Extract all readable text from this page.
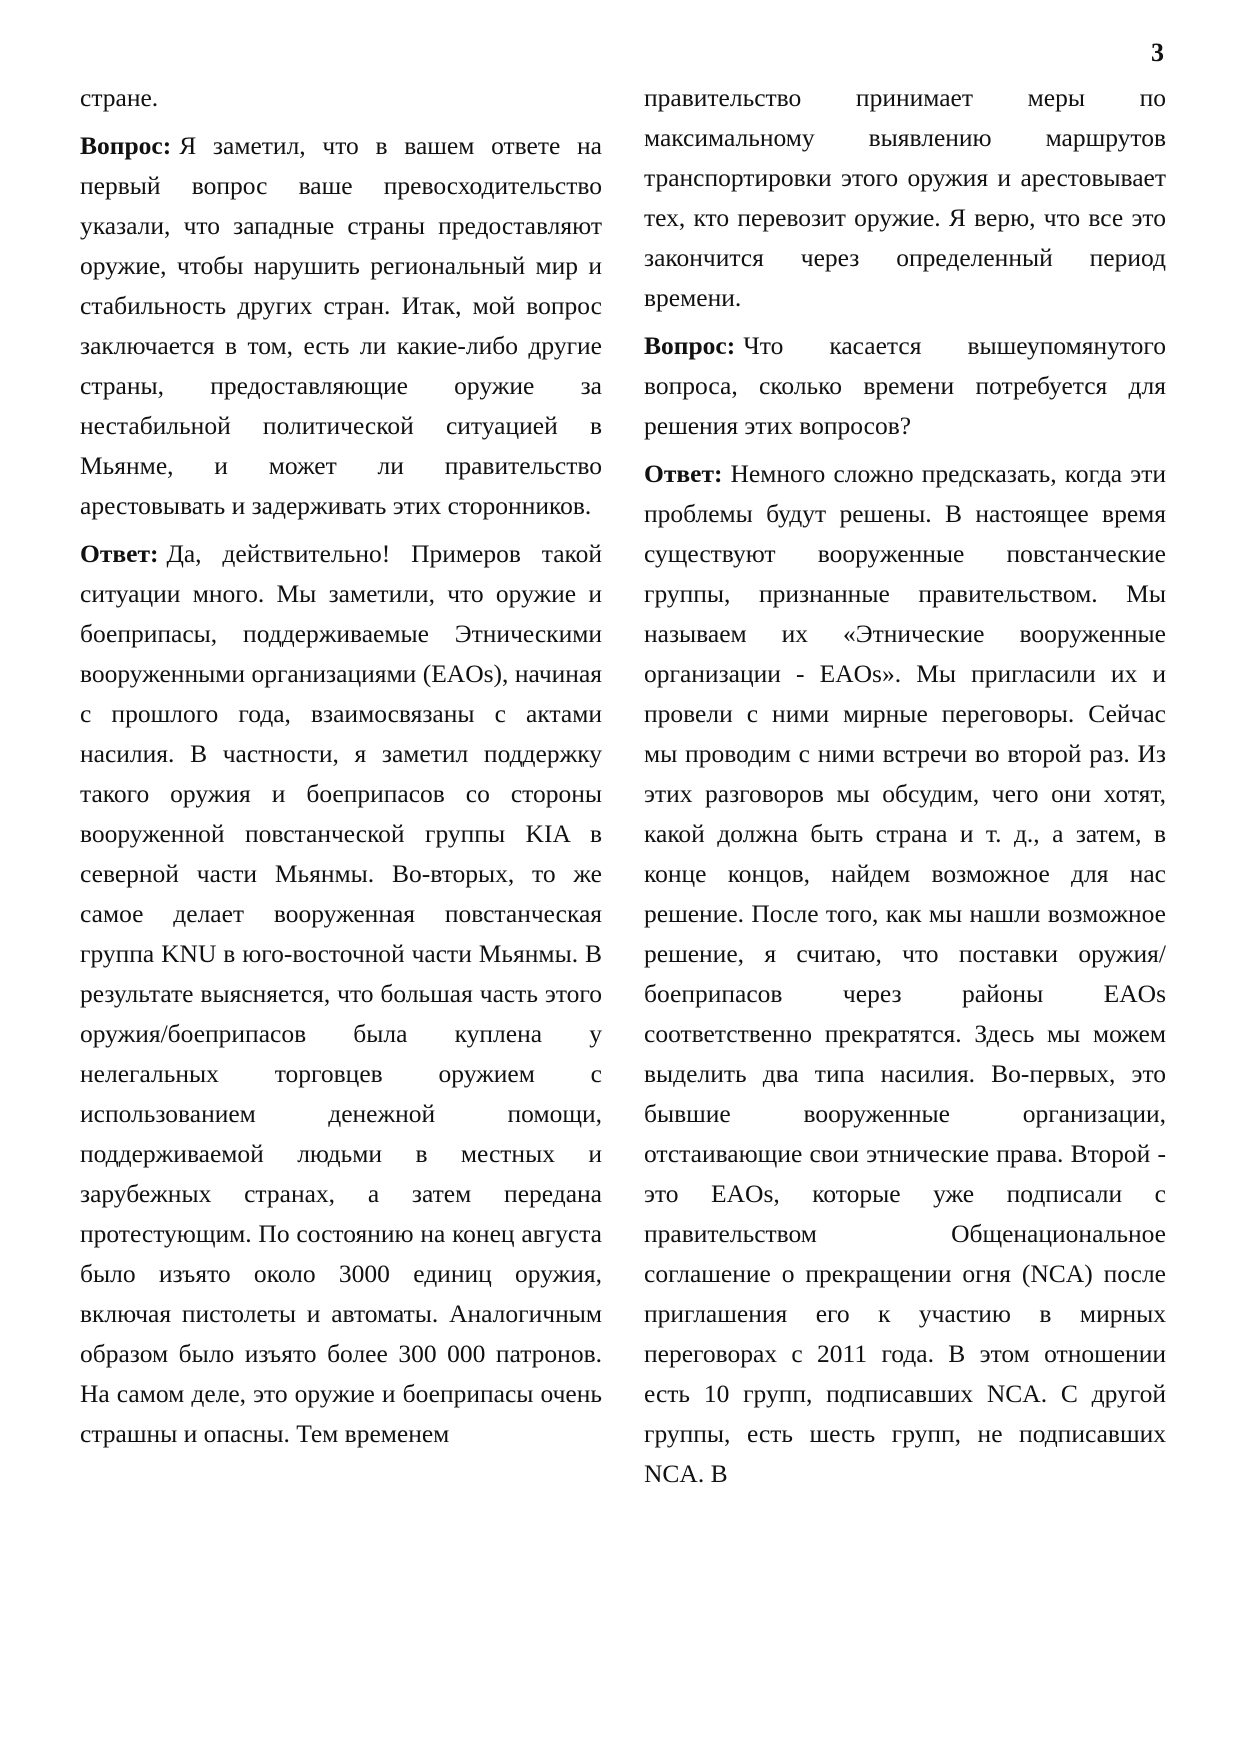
3

стране.

Вопрос: Я заметил, что в вашем ответе на первый вопрос ваше превосходительство указали, что западные страны предоставляют оружие, чтобы нарушить региональный мир и стабильность других стран. Итак, мой вопрос заключается в том, есть ли какие-либо другие страны, предоставляющие оружие за нестабильной политической ситуацией в Мьянме, и может ли правительство арестовывать и задерживать этих сторонников.

Ответ: Да, действительно! Примеров такой ситуации много. Мы заметили, что оружие и боеприпасы, поддерживаемые Этническими вооруженными организациями (EAOs), начиная с прошлого года, взаимосвязаны с актами насилия. В частности, я заметил поддержку такого оружия и боеприпасов со стороны вооруженной повстанческой группы KIA в северной части Мьянмы. Во-вторых, то же самое делает вооруженная повстанческая группа KNU в юго-восточной части Мьянмы. В результате выясняется, что большая часть этого оружия/боеприпасов была куплена у нелегальных торговцев оружием с использованием денежной помощи, поддерживаемой людьми в местных и зарубежных странах, а затем передана протестующим. По состоянию на конец августа было изъято около 3000 единиц оружия, включая пистолеты и автоматы. Аналогичным образом было изъято более 300 000 патронов. На самом деле, это оружие и боеприпасы очень страшны и опасны. Тем временем

правительство принимает меры по максимальному выявлению маршрутов транспортировки этого оружия и арестовывает тех, кто перевозит оружие. Я верю, что все это закончится через определенный период времени.

Вопрос: Что касается вышеупомянутого вопроса, сколько времени потребуется для решения этих вопросов?

Ответ: Немного сложно предсказать, когда эти проблемы будут решены. В настоящее время существуют вооруженные повстанческие группы, признанные правительством. Мы называем их «Этнические вооруженные организации - EAOs». Мы пригласили их и провели с ними мирные переговоры. Сейчас мы проводим с ними встречи во второй раз. Из этих разговоров мы обсудим, чего они хотят, какой должна быть страна и т. д., а затем, в конце концов, найдем возможное для нас решение. После того, как мы нашли возможное решение, я считаю, что поставки оружия/боеприпасов через районы EAOs соответственно прекратятся. Здесь мы можем выделить два типа насилия. Во-первых, это бывшие вооруженные организации, отстаивающие свои этнические права. Второй - это EAOs, которые уже подписали с правительством Общенациональное соглашение о прекращении огня (NCA) после приглашения его к участию в мирных переговорах с 2011 года. В этом отношении есть 10 групп, подписавших NCA. С другой группы, есть шесть групп, не подписавших NCA. В
